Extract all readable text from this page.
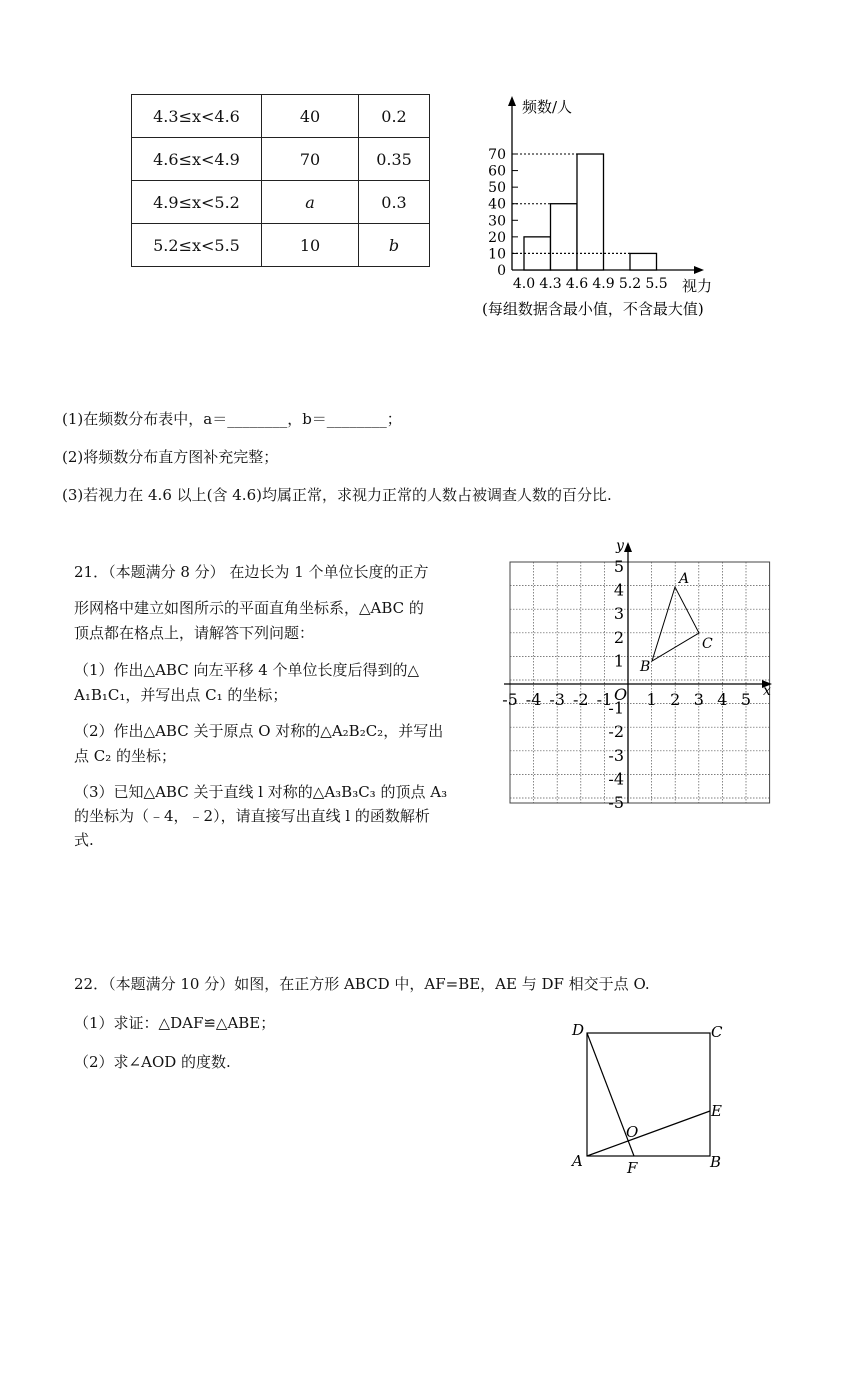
4.3≤x<4.6	40	0.2
4.6≤x<4.9	70	0.35
4.9≤x<5.2	a	0.3
5.2≤x<5.5	10	b
0
10
20
30
40
50
60
70
4.0 4.3 4.6 4.9 5.2 5.5
频数/人
视力
(每组数据含最小值，不含最大值)
(1)在频数分布表中，a＝________，b＝________；
(2)将频数分布直方图补充完整；
(3)若视力在 4.6 以上(含 4.6)均属正常，求视力正常的人数占被调查人数的百分比.
21．（本题满分 8 分） 在边长为 1 个单位长度的正方
形网格中建立如图所示的平面直角坐标系，△ABC 的
顶点都在格点上，请解答下列问题：
（1）作出△ABC 向左平移 4 个单位长度后得到的△
A₁B₁C₁，并写出点 C₁ 的坐标；
（2）作出△ABC 关于原点 O 对称的△A₂B₂C₂，并写出
点 C₂ 的坐标；
（3）已知△ABC 关于直线 l 对称的△A₃B₃C₃ 的顶点 A₃
的坐标为（﹣4，﹣2），请直接写出直线 l 的函数解析
式.
-5 -4 -3 -2 -1 1 2 3 4 5
5
4
3
2
1
-1
-2
-3
-4
-5
A
B
C
O	x
y
22．（本题满分 10 分）如图，在正方形 ABCD 中，AF=BE，AE 与 DF 相交于点 O.
（1）求证：△DAF≌△ABE；
（2）求∠AOD 的度数.
D	C
E
O
A	B
F
